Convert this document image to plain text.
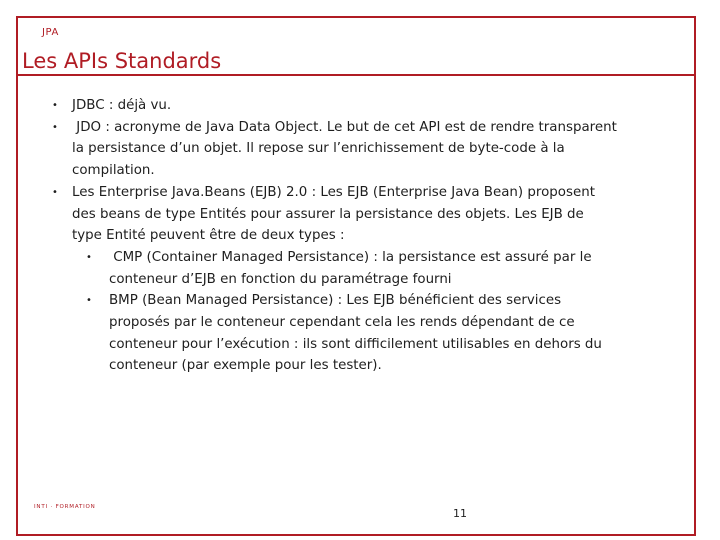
JPA
Les APIs Standards
• JDBC : déjà vu.
• JDO : acronyme de Java Data Object. Le but de cet API est de rendre transparent la persistance d’un objet. Il repose sur l’enrichissement de byte-code à la compilation.
• Les Enterprise Java.Beans (EJB) 2.0 : Les EJB (Enterprise Java Bean) proposent des beans de type Entités pour assurer la persistance des objets. Les EJB de type Entité peuvent être de deux types :
• CMP (Container Managed Persistance) : la persistance est assuré par le conteneur d’EJB en fonction du paramétrage fourni
• BMP (Bean Managed Persistance) : Les EJB bénéficient des services proposés par le conteneur cependant cela les rends dépendant de ce conteneur pour l’exécution : ils sont difficilement utilisables en dehors du conteneur (par exemple pour les tester).
INTI · FORMATION	11
